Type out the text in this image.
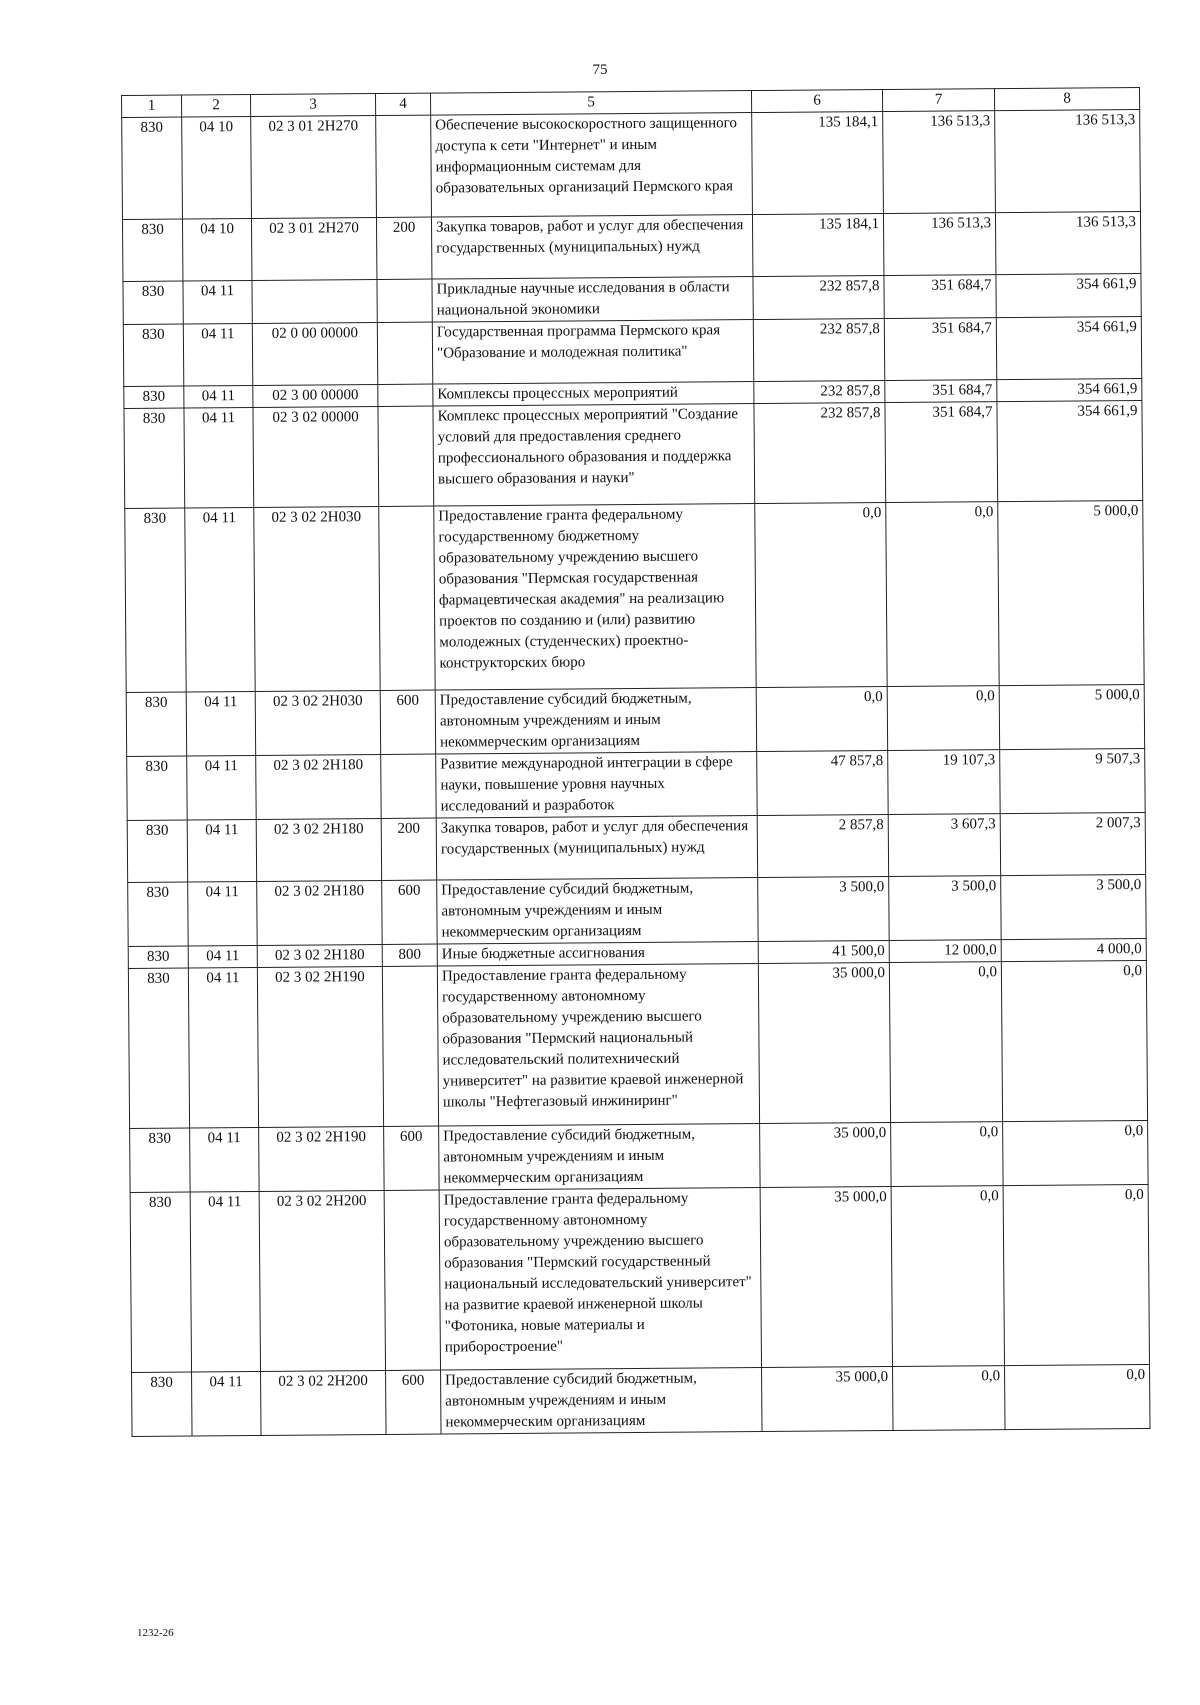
75
1	2	3	4	5	6	7	8
830	04 10	02 3 01 2Н270		Обеспечение высокоскоростного защищенного доступа к сети "Интернет" и иным информационным системам для образовательных организаций Пермского края	135 184,1	136 513,3	136 513,3
830	04 10	02 3 01 2Н270	200	Закупка товаров, работ и услуг для обеспечения государственных (муниципальных) нужд	135 184,1	136 513,3	136 513,3
830	04 11			Прикладные научные исследования в области национальной экономики	232 857,8	351 684,7	354 661,9
830	04 11	02 0 00 00000		Государственная программа Пермского края "Образование и молодежная политика"	232 857,8	351 684,7	354 661,9
830	04 11	02 3 00 00000		Комплексы процессных мероприятий	232 857,8	351 684,7	354 661,9
830	04 11	02 3 02 00000		Комплекс процессных мероприятий "Создание условий для предоставления среднего профессионального образования и поддержка высшего образования и науки"	232 857,8	351 684,7	354 661,9
830	04 11	02 3 02 2Н030		Предоставление гранта федеральному государственному бюджетному образовательному учреждению высшего образования "Пермская государственная фармацевтическая академия" на реализацию проектов по созданию и (или) развитию молодежных (студенческих) проектно-конструкторских бюро	0,0	0,0	5 000,0
830	04 11	02 3 02 2Н030	600	Предоставление субсидий бюджетным, автономным учреждениям и иным некоммерческим организациям	0,0	0,0	5 000,0
830	04 11	02 3 02 2Н180		Развитие международной интеграции в сфере науки, повышение уровня научных исследований и разработок	47 857,8	19 107,3	9 507,3
830	04 11	02 3 02 2Н180	200	Закупка товаров, работ и услуг для обеспечения государственных (муниципальных) нужд	2 857,8	3 607,3	2 007,3
830	04 11	02 3 02 2Н180	600	Предоставление субсидий бюджетным, автономным учреждениям и иным некоммерческим организациям	3 500,0	3 500,0	3 500,0
830	04 11	02 3 02 2Н180	800	Иные бюджетные ассигнования	41 500,0	12 000,0	4 000,0
830	04 11	02 3 02 2Н190		Предоставление гранта федеральному государственному автономному образовательному учреждению высшего образования "Пермский национальный исследовательский политехнический университет" на развитие краевой инженерной школы "Нефтегазовый инжиниринг"	35 000,0	0,0	0,0
830	04 11	02 3 02 2Н190	600	Предоставление субсидий бюджетным, автономным учреждениям и иным некоммерческим организациям	35 000,0	0,0	0,0
830	04 11	02 3 02 2Н200		Предоставление гранта федеральному государственному автономному образовательному учреждению высшего образования "Пермский государственный национальный исследовательский университет" на развитие краевой инженерной школы "Фотоника, новые материалы и приборостроение"	35 000,0	0,0	0,0
830	04 11	02 3 02 2Н200	600	Предоставление субсидий бюджетным, автономным учреждениям и иным некоммерческим организациям	35 000,0	0,0	0,0
1232-26
